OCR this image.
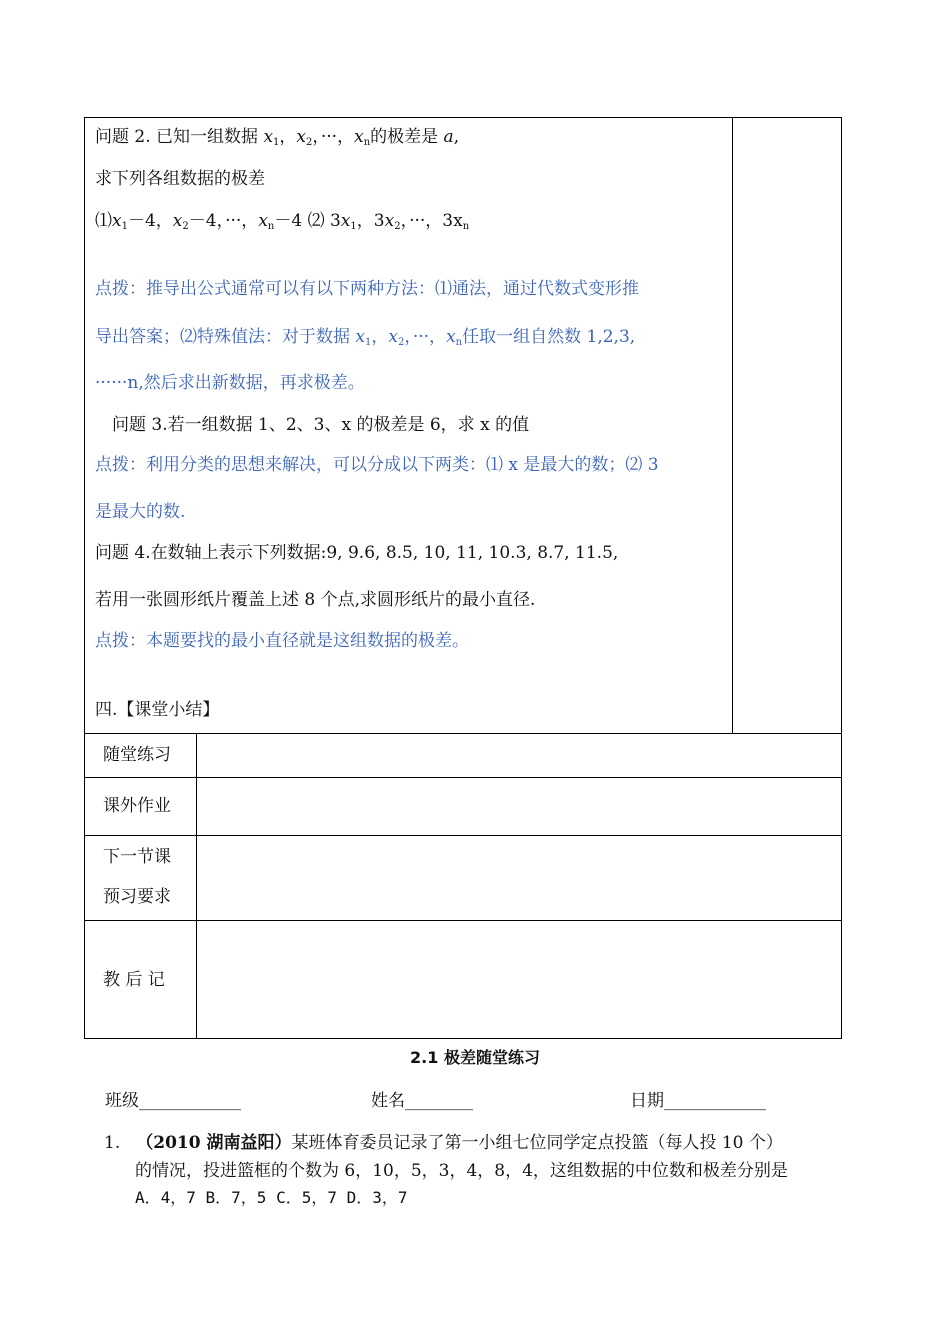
问题 2. 已知一组数据 $x_1$，$x_2$，···，$x_n$的极差是 a,
求下列各组数据的极差
$⑴x_1-4$，$x_2-4$，···，$x_n-4$ ⑵ $3x_1$，$3x_2$，···，$3x_n$
点拨：推导出公式通常可以有以下两种方法：⑴通法，通过代数式变形推
导出答案；⑵特殊值法：对于数据 $x_1$，$x_2$，···，$x_n$任取一组自然数 1,2,3,
······n,然后求出新数据，再求极差。
问题 3.若一组数据 1、2、3、x 的极差是 6，求 x 的值
点拨：利用分类的思想来解决，可以分成以下两类：⑴ x 是最大的数；⑵ 3
是最大的数.
问题 4.在数轴上表示下列数据:9, 9.6, 8.5, 10, 11, 10.3, 8.7, 11.5,
若用一张圆形纸片覆盖上述 8 个点,求圆形纸片的最小直径.
点拨：本题要找的最小直径就是这组数据的极差。
四.【课堂小结】
随堂练习
课外作业
下一节课
预习要求
教 后 记
2.1 极差随堂练习
班级____________	姓名________	日期____________
1. （2010 湖南益阳）某班体育委员记录了第一小组七位同学定点投篮（每人投 10 个）
的情况，投进篮框的个数为 6，10，5，3，4，8，4，这组数据的中位数和极差分别是
A．4，7 B．7，5 C．5，7 D．3，7
